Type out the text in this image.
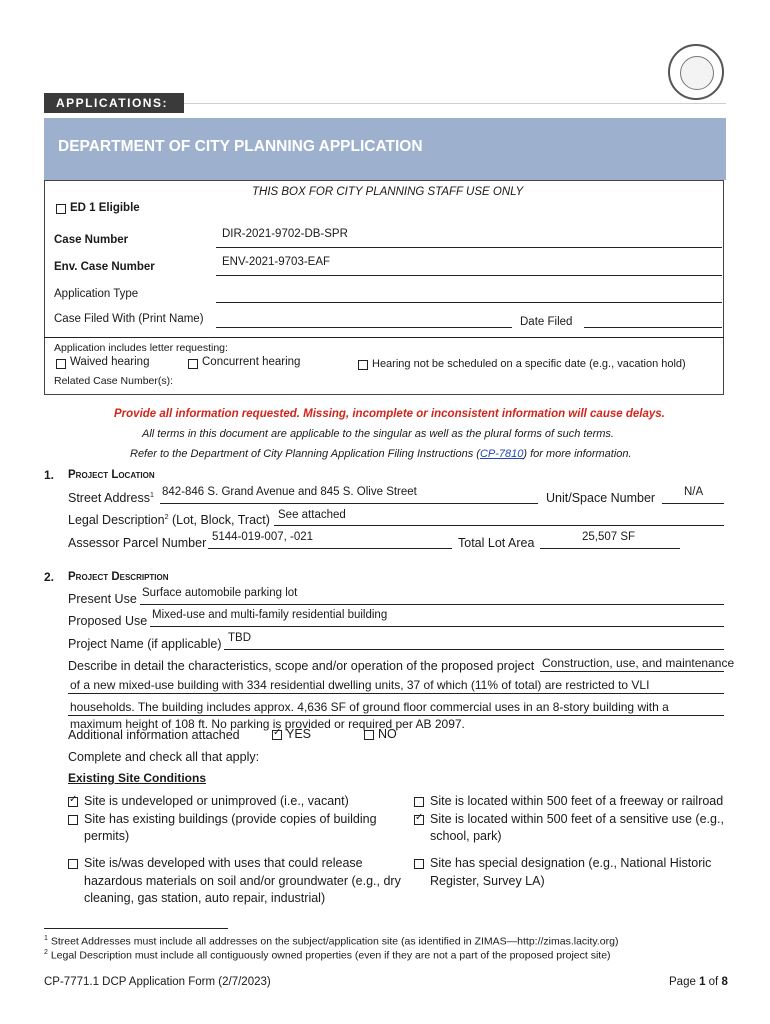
APPLICATIONS:
DEPARTMENT OF CITY PLANNING APPLICATION
THIS BOX FOR CITY PLANNING STAFF USE ONLY
ED 1 Eligible
Case Number	DIR-2021-9702-DB-SPR
Env. Case Number	ENV-2021-9703-EAF
Application Type
Case Filed With (Print Name)	Date Filed
Application includes letter requesting:
Waived hearing	Concurrent hearing	Hearing not be scheduled on a specific date (e.g., vacation hold)
Related Case Number(s):
Provide all information requested. Missing, incomplete or inconsistent information will cause delays.
All terms in this document are applicable to the singular as well as the plural forms of such terms.
Refer to the Department of City Planning Application Filing Instructions (CP-7810) for more information.
1. Project Location
Street Address$^1$ 842-846 S. Grand Avenue and 845 S. Olive Street	Unit/Space Number	N/A
Legal Description$^2$ (Lot, Block, Tract) See attached
Assessor Parcel Number 5144-019-007, -021	Total Lot Area	25,507 SF
2. Project Description
Present Use Surface automobile parking lot
Proposed Use Mixed-use and multi-family residential building
Project Name (if applicable) TBD
Describe in detail the characteristics, scope and/or operation of the proposed project Construction, use, and maintenance
of a new mixed-use building with 334 residential dwelling units, 37 of which (11% of total) are restricted to VLI
households. The building includes approx. 4,636 SF of ground floor commercial uses in an 8-story building with a
maximum height of 108 ft. No parking is provided or required per AB 2097.
Additional information attached
✓	YES	NO
Complete and check all that apply:
Existing Site Conditions
✓
Site is undeveloped or unimproved (i.e., vacant)
Site has existing buildings (provide copies of building
permits)
Site is/was developed with uses that could release
hazardous materials on soil and/or groundwater (e.g., dry
cleaning, gas station, auto repair, industrial)
Site is located within 500 feet of a freeway or railroad
✓
Site is located within 500 feet of a sensitive use (e.g.,
school, park)
Site has special designation (e.g., National Historic
Register, Survey LA)
$^1$ Street Addresses must include all addresses on the subject/application site (as identified in ZIMAS—http://zimas.lacity.org)
$^2$ Legal Description must include all contiguously owned properties (even if they are not a part of the proposed project site)
CP-7771.1 DCP Application Form (2/7/2023)	Page 1 of 8
